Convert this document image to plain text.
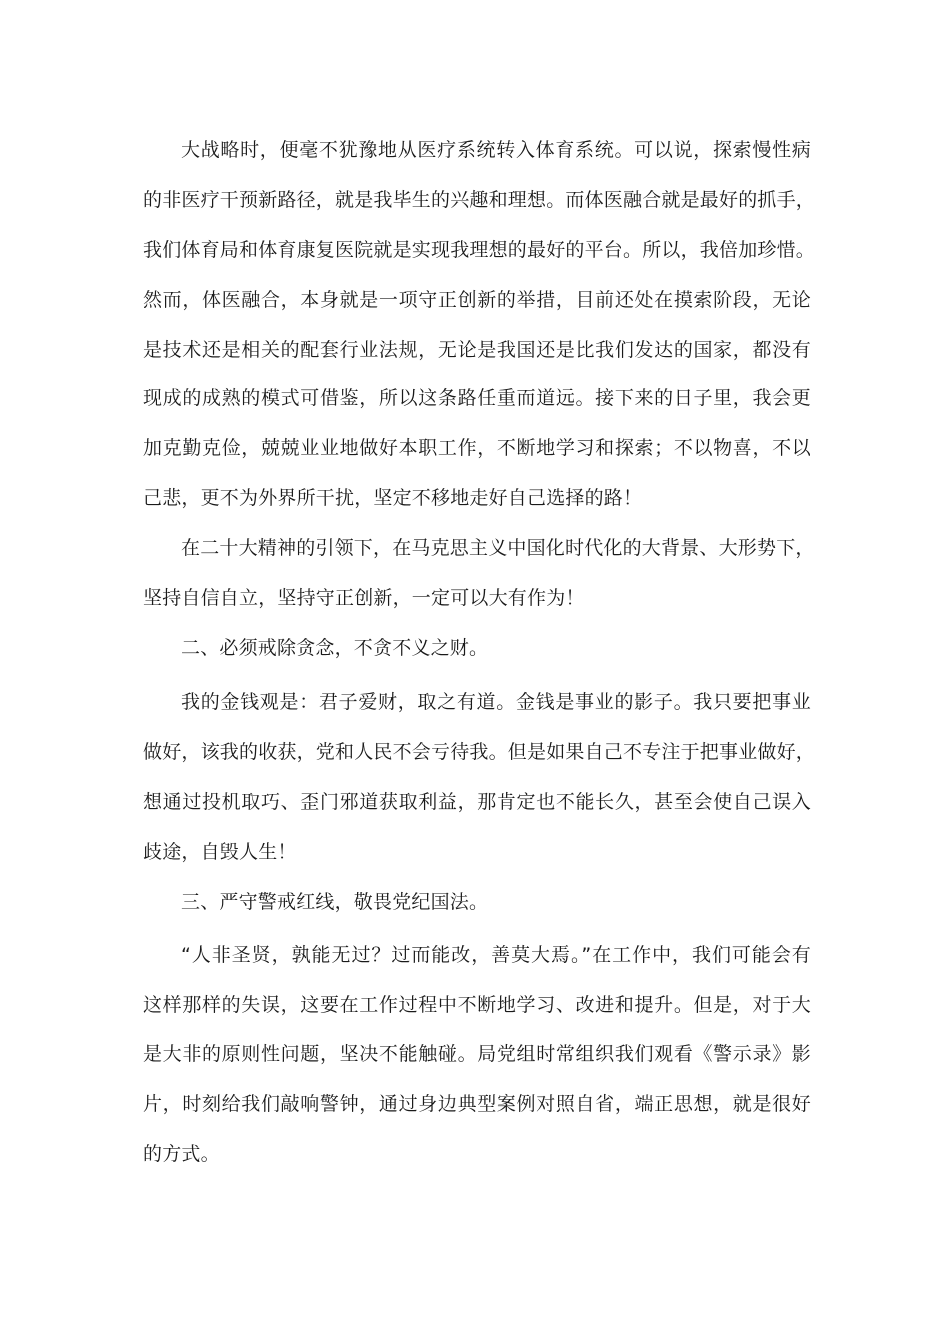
大战略时，便毫不犹豫地从医疗系统转入体育系统。可以说，探索慢性病
的非医疗干预新路径，就是我毕生的兴趣和理想。而体医融合就是最好的抓手，
我们体育局和体育康复医院就是实现我理想的最好的平台。所以，我倍加珍惜。
然而，体医融合，本身就是一项守正创新的举措，目前还处在摸索阶段，无论
是技术还是相关的配套行业法规，无论是我国还是比我们发达的国家，都没有
现成的成熟的模式可借鉴，所以这条路任重而道远。接下来的日子里，我会更
加克勤克俭，兢兢业业地做好本职工作，不断地学习和探索；不以物喜，不以
己悲，更不为外界所干扰，坚定不移地走好自己选择的路！
在二十大精神的引领下，在马克思主义中国化时代化的大背景、大形势下，
坚持自信自立，坚持守正创新，一定可以大有作为！
二、必须戒除贪念，不贪不义之财。
我的金钱观是：君子爱财，取之有道。金钱是事业的影子。我只要把事业
做好，该我的收获，党和人民不会亏待我。但是如果自己不专注于把事业做好，
想通过投机取巧、歪门邪道获取利益，那肯定也不能长久，甚至会使自己误入
歧途，自毁人生！
三、严守警戒红线，敬畏党纪国法。
“人非圣贤，孰能无过？过而能改，善莫大焉。”在工作中，我们可能会有
这样那样的失误，这要在工作过程中不断地学习、改进和提升。但是，对于大
是大非的原则性问题，坚决不能触碰。局党组时常组织我们观看《警示录》影
片，时刻给我们敲响警钟，通过身边典型案例对照自省，端正思想，就是很好
的方式。
